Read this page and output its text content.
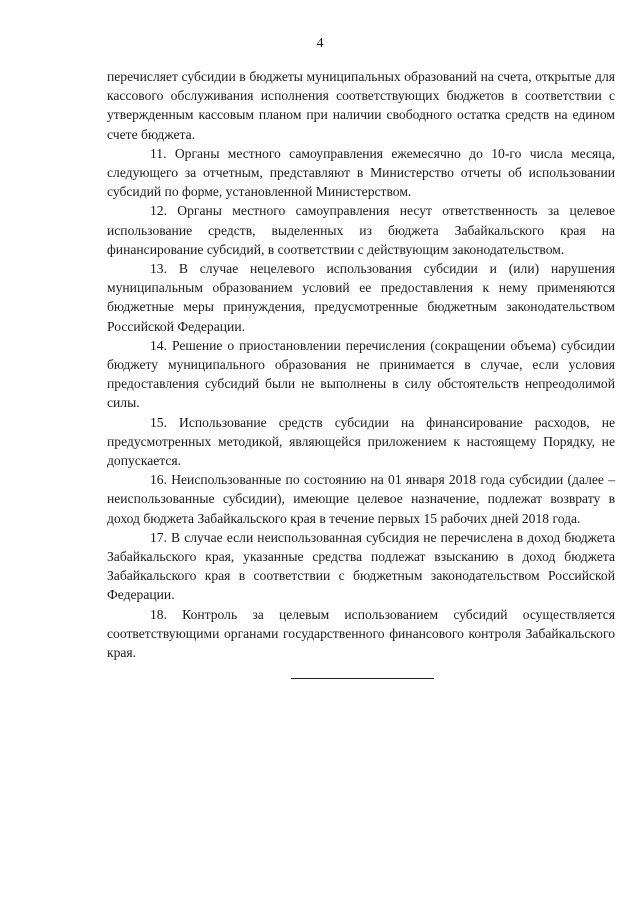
4

перечисляет субсидии в бюджеты муниципальных образований на счета, открытые для кассового обслуживания исполнения соответствующих бюджетов в соответствии с утвержденным кассовым планом при наличии свободного остатка средств на едином счете бюджета.

11. Органы местного самоуправления ежемесячно до 10-го числа месяца, следующего за отчетным, представляют в Министерство отчеты об использовании субсидий по форме, установленной Министерством.

12. Органы местного самоуправления несут ответственность за целевое использование средств, выделенных из бюджета Забайкальского края на финансирование субсидий, в соответствии с действующим законодательством.

13. В случае нецелевого использования субсидии и (или) нарушения муниципальным образованием условий ее предоставления к нему применяются бюджетные меры принуждения, предусмотренные бюджетным законодательством Российской Федерации.

14. Решение о приостановлении перечисления (сокращении объема) субсидии бюджету муниципального образования не принимается в случае, если условия предоставления субсидий были не выполнены в силу обстоятельств непреодолимой силы.

15. Использование средств субсидии на финансирование расходов, не предусмотренных методикой, являющейся приложением к настоящему Порядку, не допускается.

16. Неиспользованные по состоянию на 01 января 2018 года субсидии (далее – неиспользованные субсидии), имеющие целевое назначение, подлежат возврату в доход бюджета Забайкальского края в течение первых 15 рабочих дней 2018 года.

17. В случае если неиспользованная субсидия не перечислена в доход бюджета Забайкальского края, указанные средства подлежат взысканию в доход бюджета Забайкальского края в соответствии с бюджетным законодательством Российской Федерации.

18. Контроль за целевым использованием субсидий осуществляется соответствующими органами государственного финансового контроля Забайкальского края.
